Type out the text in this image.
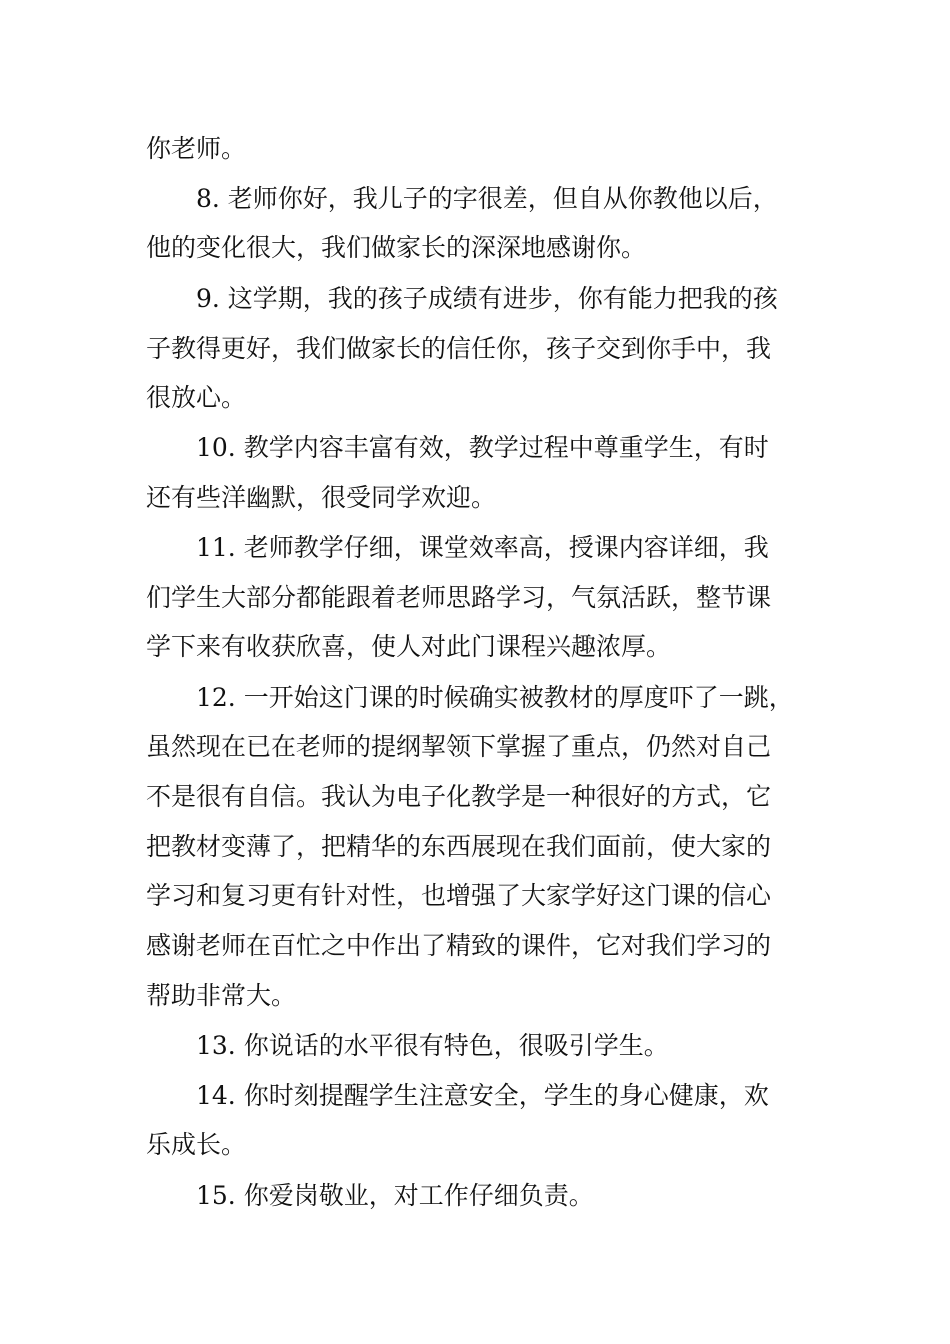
你老师。

8. 老师你好，我儿子的字很差，但自从你教他以后，

他的变化很大，我们做家长的深深地感谢你。

9. 这学期，我的孩子成绩有进步，你有能力把我的孩

子教得更好，我们做家长的信任你，孩子交到你手中，我

很放心。

10. 教学内容丰富有效，教学过程中尊重学生，有时

还有些洋幽默，很受同学欢迎。

11. 老师教学仔细，课堂效率高，授课内容详细，我

们学生大部分都能跟着老师思路学习，气氛活跃，整节课

学下来有收获欣喜，使人对此门课程兴趣浓厚。

12. 一开始这门课的时候确实被教材的厚度吓了一跳，

虽然现在已在老师的提纲挈领下掌握了重点，仍然对自己

不是很有自信。我认为电子化教学是一种很好的方式，它

把教材变薄了，把精华的东西展现在我们面前，使大家的

学习和复习更有针对性，也增强了大家学好这门课的信心

感谢老师在百忙之中作出了精致的课件，它对我们学习的

帮助非常大。

13. 你说话的水平很有特色，很吸引学生。

14. 你时刻提醒学生注意安全，学生的身心健康，欢

乐成长。

15. 你爱岗敬业，对工作仔细负责。
